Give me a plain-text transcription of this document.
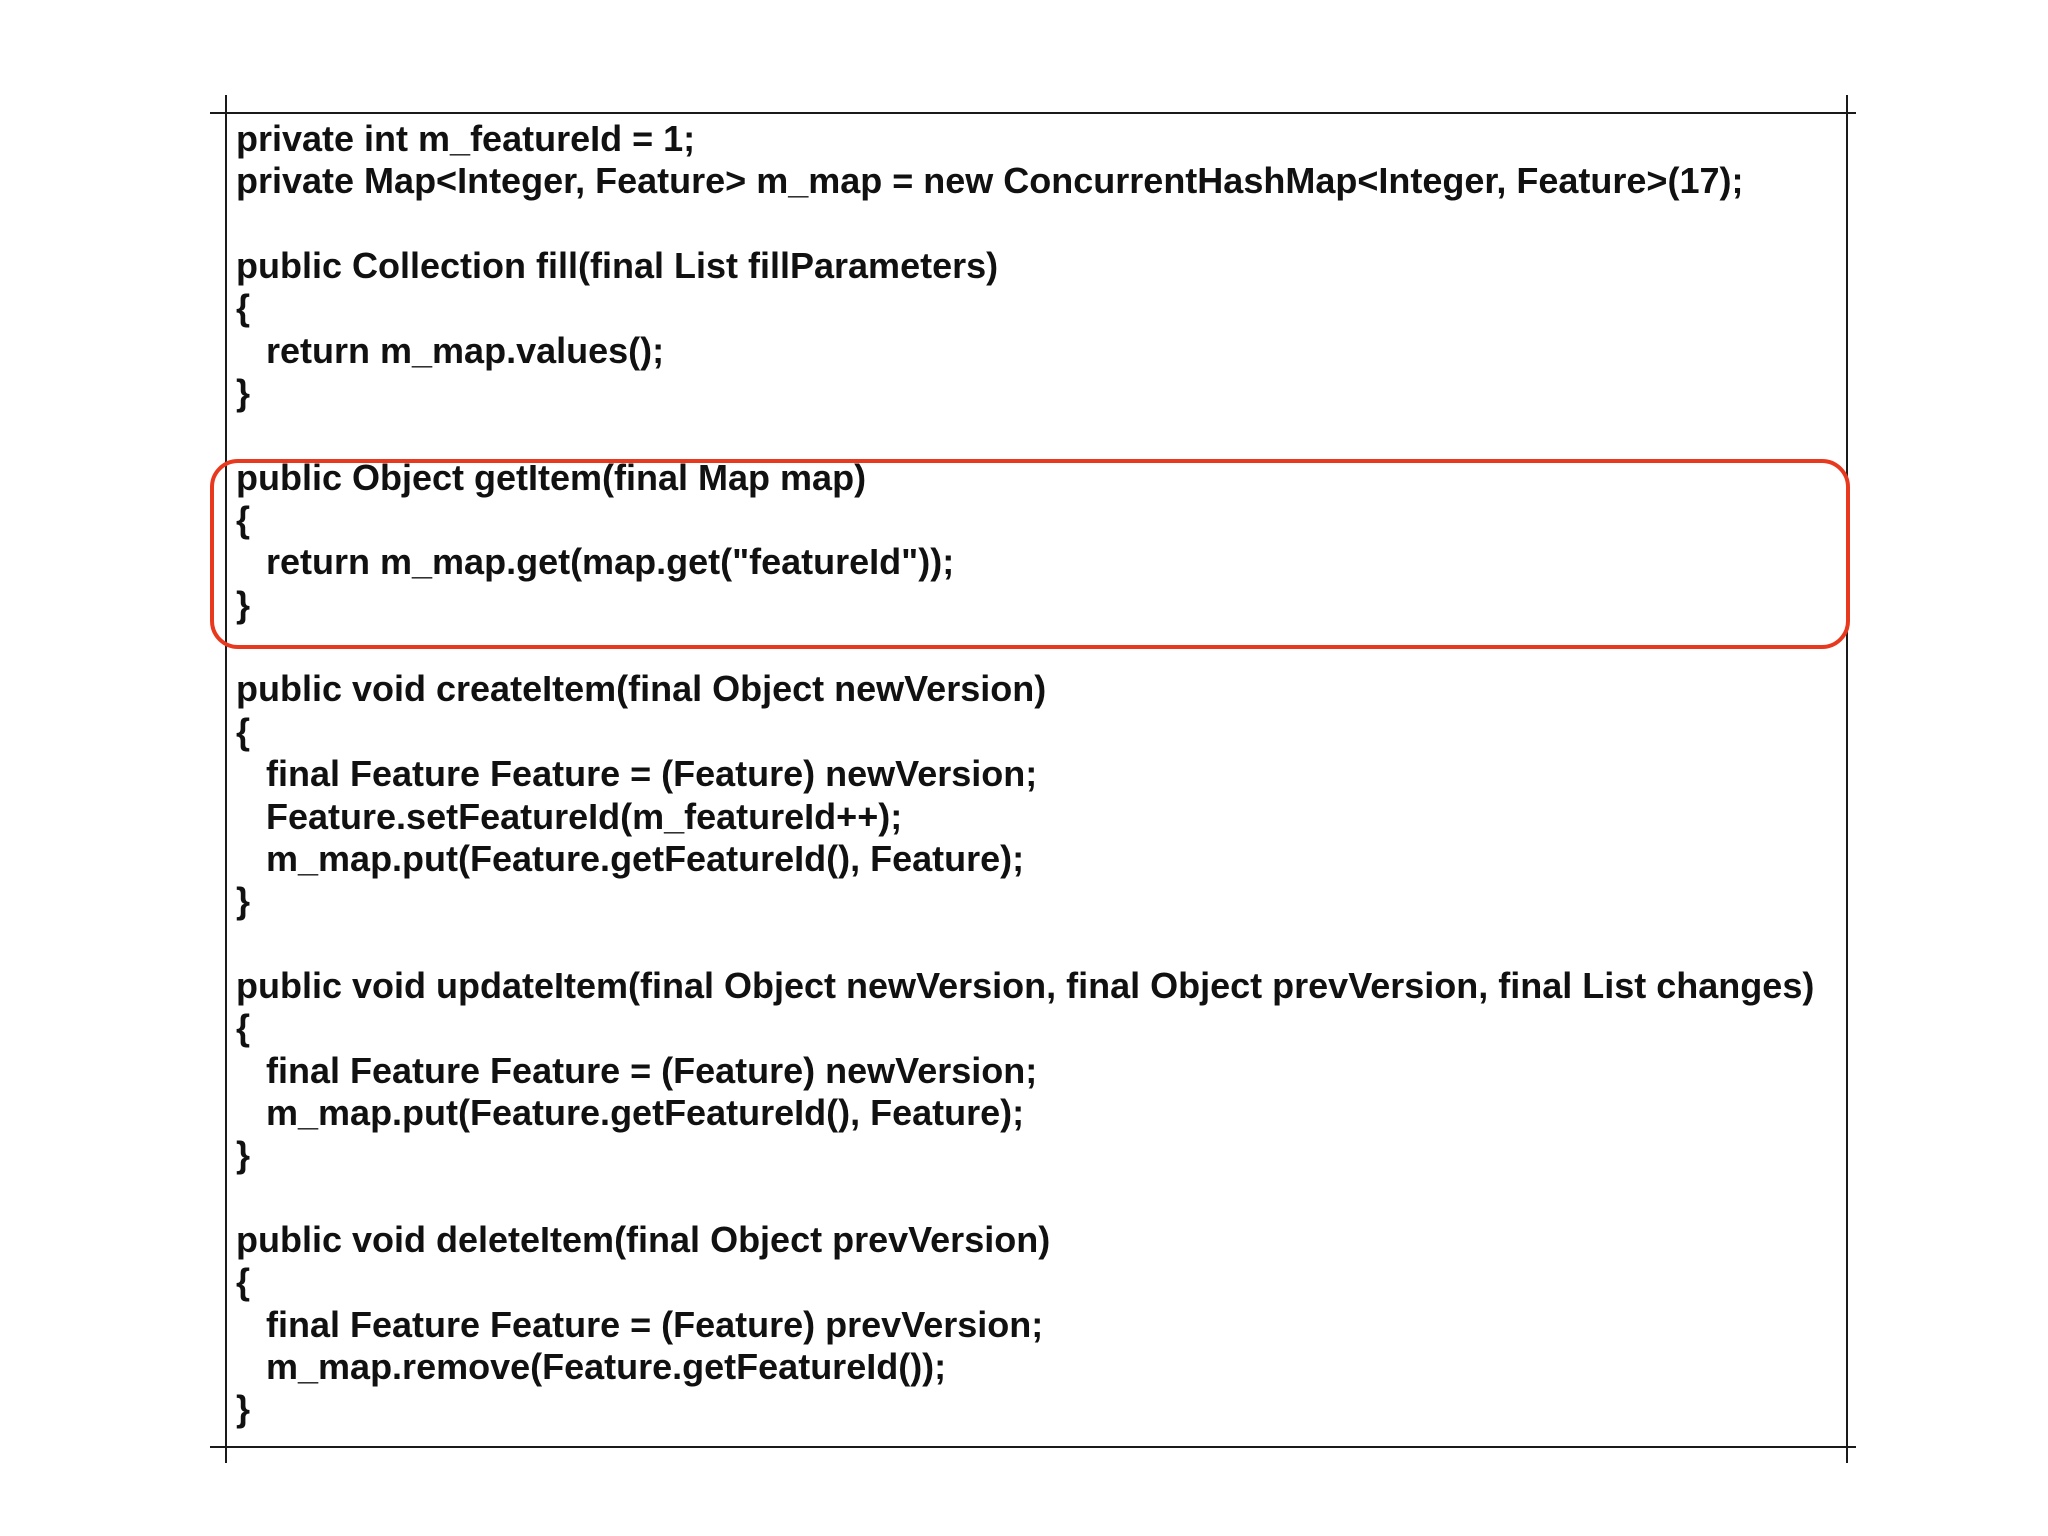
private int m_featureId = 1;
private Map<Integer, Feature> m_map = new ConcurrentHashMap<Integer, Feature>(17);
public Collection fill(final List fillParameters)
{
return m_map.values();
}
public Object getItem(final Map map)
{
return m_map.get(map.get("featureId"));
}
public void createItem(final Object newVersion)
{
final Feature Feature = (Feature) newVersion;
Feature.setFeatureId(m_featureId++);
m_map.put(Feature.getFeatureId(), Feature);
}
public void updateItem(final Object newVersion, final Object prevVersion, final List changes)
{
final Feature Feature = (Feature) newVersion;
m_map.put(Feature.getFeatureId(), Feature);
}
public void deleteItem(final Object prevVersion)
{
final Feature Feature = (Feature) prevVersion;
m_map.remove(Feature.getFeatureId());
}
